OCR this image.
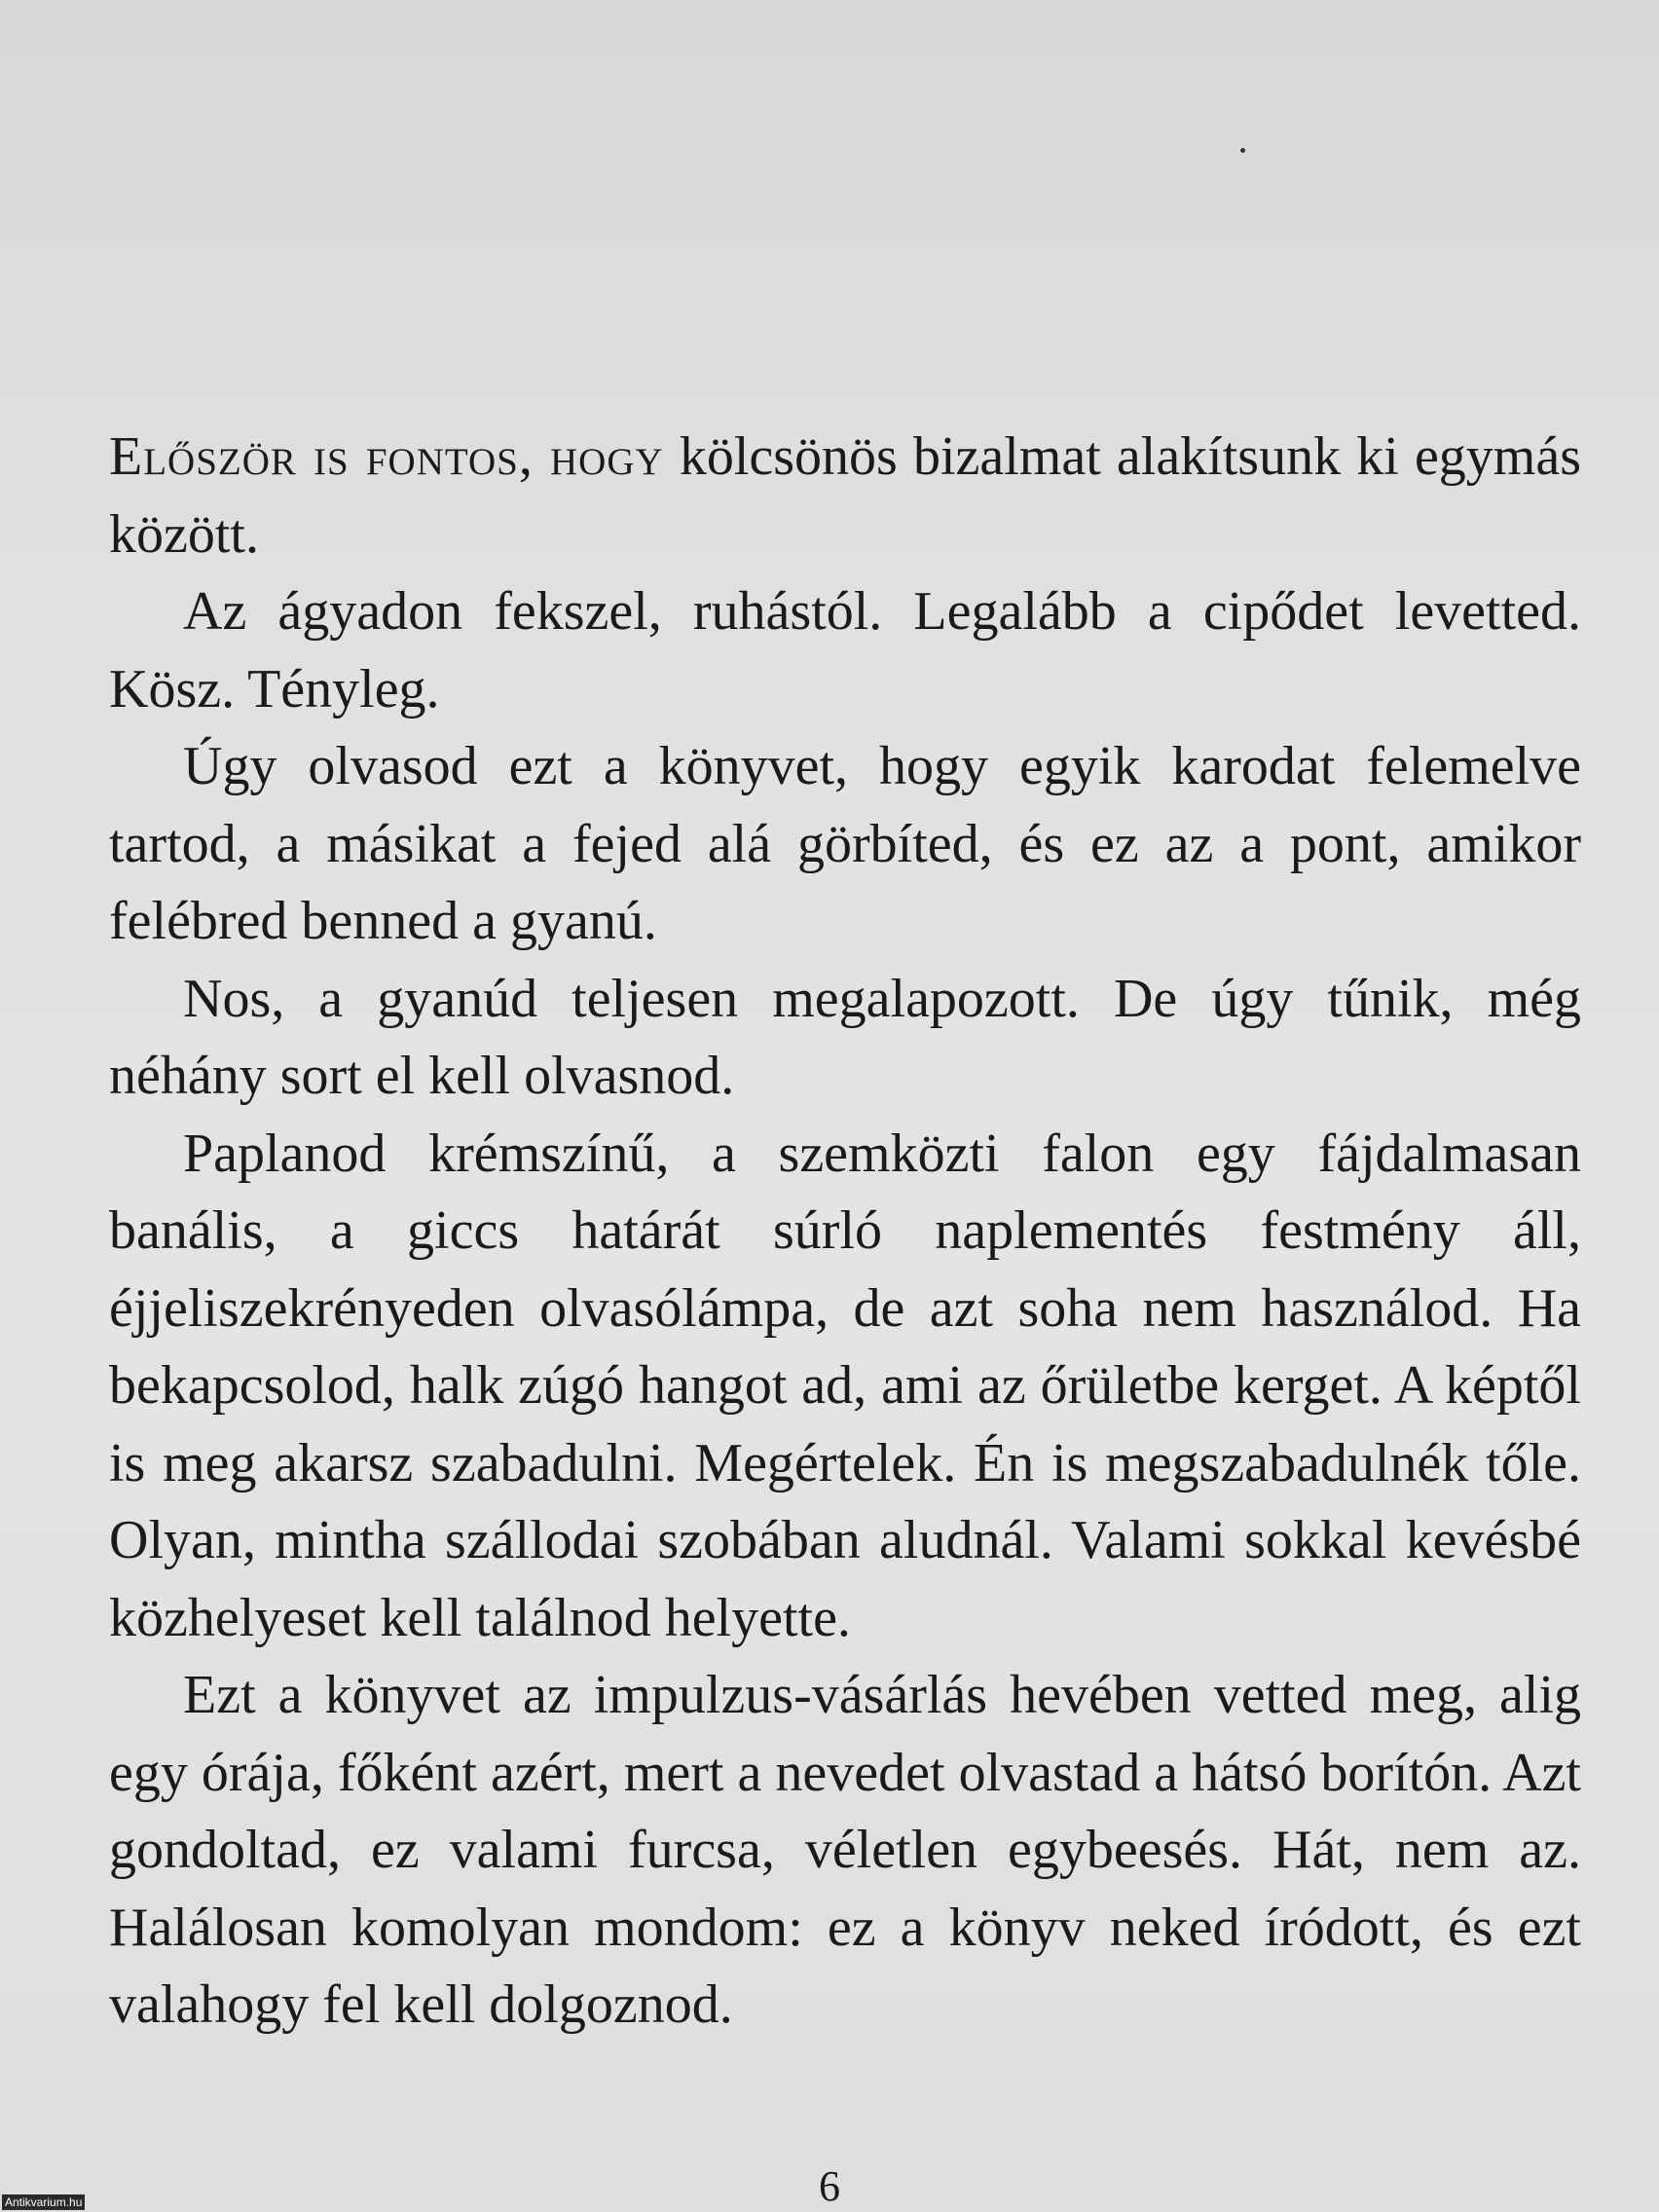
Először is fontos, hogy kölcsönös bizalmat alakítsunk ki egymás között.

Az ágyadon fekszel, ruhástól. Legalább a cipődet levetted. Kösz. Tényleg.

Úgy olvasod ezt a könyvet, hogy egyik karodat felemelve tartod, a másikat a fejed alá görbíted, és ez az a pont, amikor felébred benned a gyanú.

Nos, a gyanúd teljesen megalapozott. De úgy tűnik, még néhány sort el kell olvasnod.

Paplanod krémszínű, a szemközti falon egy fájdalmasan banális, a giccs határát súrló naplementés festmény áll, éjjeliszekrényeden olvasólámpa, de azt soha nem használod. Ha bekapcsolod, halk zúgó hangot ad, ami az őrületbe kerget. A képtől is meg akarsz szabadulni. Megértelek. Én is megszabadulnék tőle. Olyan, mintha szállodai szobában aludnál. Valami sokkal kevésbé közhelyeset kell találnod helyette.

Ezt a könyvet az impulzus-vásárlás hevében vetted meg, alig egy órája, főként azért, mert a nevedet olvastad a hátsó borítón. Azt gondoltad, ez valami furcsa, véletlen egybeesés. Hát, nem az. Halálosan komolyan mondom: ez a könyv neked íródott, és ezt valahogy fel kell dolgoznod.

6
Antikvarium.hu
